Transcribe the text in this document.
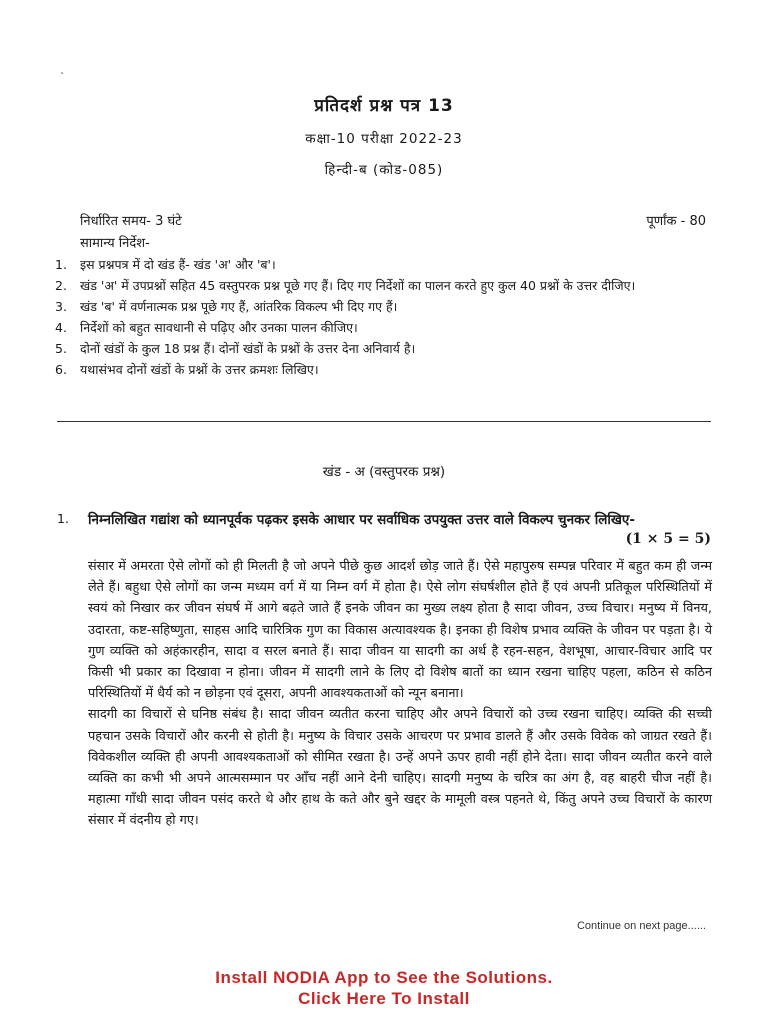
`
प्रतिदर्श प्रश्न पत्र 13
कक्षा-10 परीक्षा 2022-23
हिन्दी-ब (कोड-085)
निर्धारित समय- 3 घंटे	पूर्णांक - 80
सामान्य निर्देश-
1. इस प्रश्नपत्र में दो खंड हैं- खंड 'अ' और 'ब'।
2. खंड 'अ' में उपप्रश्नों सहित 45 वस्तुपरक प्रश्न पूछे गए हैं। दिए गए निर्देशों का पालन करते हुए कुल 40 प्रश्नों के उत्तर दीजिए।
3. खंड 'ब' में वर्णनात्मक प्रश्न पूछे गए हैं, आंतरिक विकल्प भी दिए गए हैं।
4. निर्देशों को बहुत सावधानी से पढ़िए और उनका पालन कीजिए।
5. दोनों खंडों के कुल 18 प्रश्न हैं। दोनों खंडों के प्रश्नों के उत्तर देना अनिवार्य है।
6. यथासंभव दोनों खंडों के प्रश्नों के उत्तर क्रमशः लिखिए।
खंड - अ (वस्तुपरक प्रश्न)
1. निम्नलिखित गद्यांश को ध्यानपूर्वक पढ़कर इसके आधार पर सर्वाधिक उपयुक्त उत्तर वाले विकल्प चुनकर लिखिए-
(1 × 5 = 5)

संसार में अमरता ऐसे लोगों को ही मिलती है जो अपने पीछे कुछ आदर्श छोड़ जाते हैं। ऐसे महापुरुष सम्पन्न परिवार में बहुत कम ही जन्म लेते हैं। बहुधा ऐसे लोगों का जन्म मध्यम वर्ग में या निम्न वर्ग में होता है। ऐसे लोग संघर्षशील होते हैं एवं अपनी प्रतिकूल परिस्थितियों में स्वयं को निखार कर जीवन संघर्ष में आगे बढ़ते जाते हैं इनके जीवन का मुख्य लक्ष्य होता है सादा जीवन, उच्च विचार। मनुष्य में विनय, उदारता, कष्ट-सहिष्णुता, साहस आदि चारित्रिक गुण का विकास अत्यावश्यक है। इनका ही विशेष प्रभाव व्यक्ति के जीवन पर पड़ता है। ये गुण व्यक्ति को अहंकारहीन, सादा व सरल बनाते हैं। सादा जीवन या सादगी का अर्थ है रहन-सहन, वेशभूषा, आचार-विचार आदि पर किसी भी प्रकार का दिखावा न होना। जीवन में सादगी लाने के लिए दो विशेष बातों का ध्यान रखना चाहिए पहला, कठिन से कठिन परिस्थितियों में धैर्य को न छोड़ना एवं दूसरा, अपनी आवश्यकताओं को न्यून बनाना।

सादगी का विचारों से घनिष्ठ संबंध है। सादा जीवन व्यतीत करना चाहिए और अपने विचारों को उच्च रखना चाहिए। व्यक्ति की सच्ची पहचान उसके विचारों और करनी से होती है। मनुष्य के विचार उसके आचरण पर प्रभाव डालते हैं और उसके विवेक को जाग्रत रखते हैं। विवेकशील व्यक्ति ही अपनी आवश्यकताओं को सीमित रखता है। उन्हें अपने ऊपर हावी नहीं होने देता। सादा जीवन व्यतीत करने वाले व्यक्ति का कभी भी अपने आत्मसम्मान पर आँच नहीं आने देनी चाहिए। सादगी मनुष्य के चरित्र का अंग है, वह बाहरी चीज नहीं है। महात्मा गाँधी सादा जीवन पसंद करते थे और हाथ के कते और बुने खद्दर के मामूली वस्त्र पहनते थे, किंतु अपने उच्च विचारों के कारण संसार में वंदनीय हो गए।

Continue on next page......
Install NODIA App to See the Solutions.
Click Here To Install
